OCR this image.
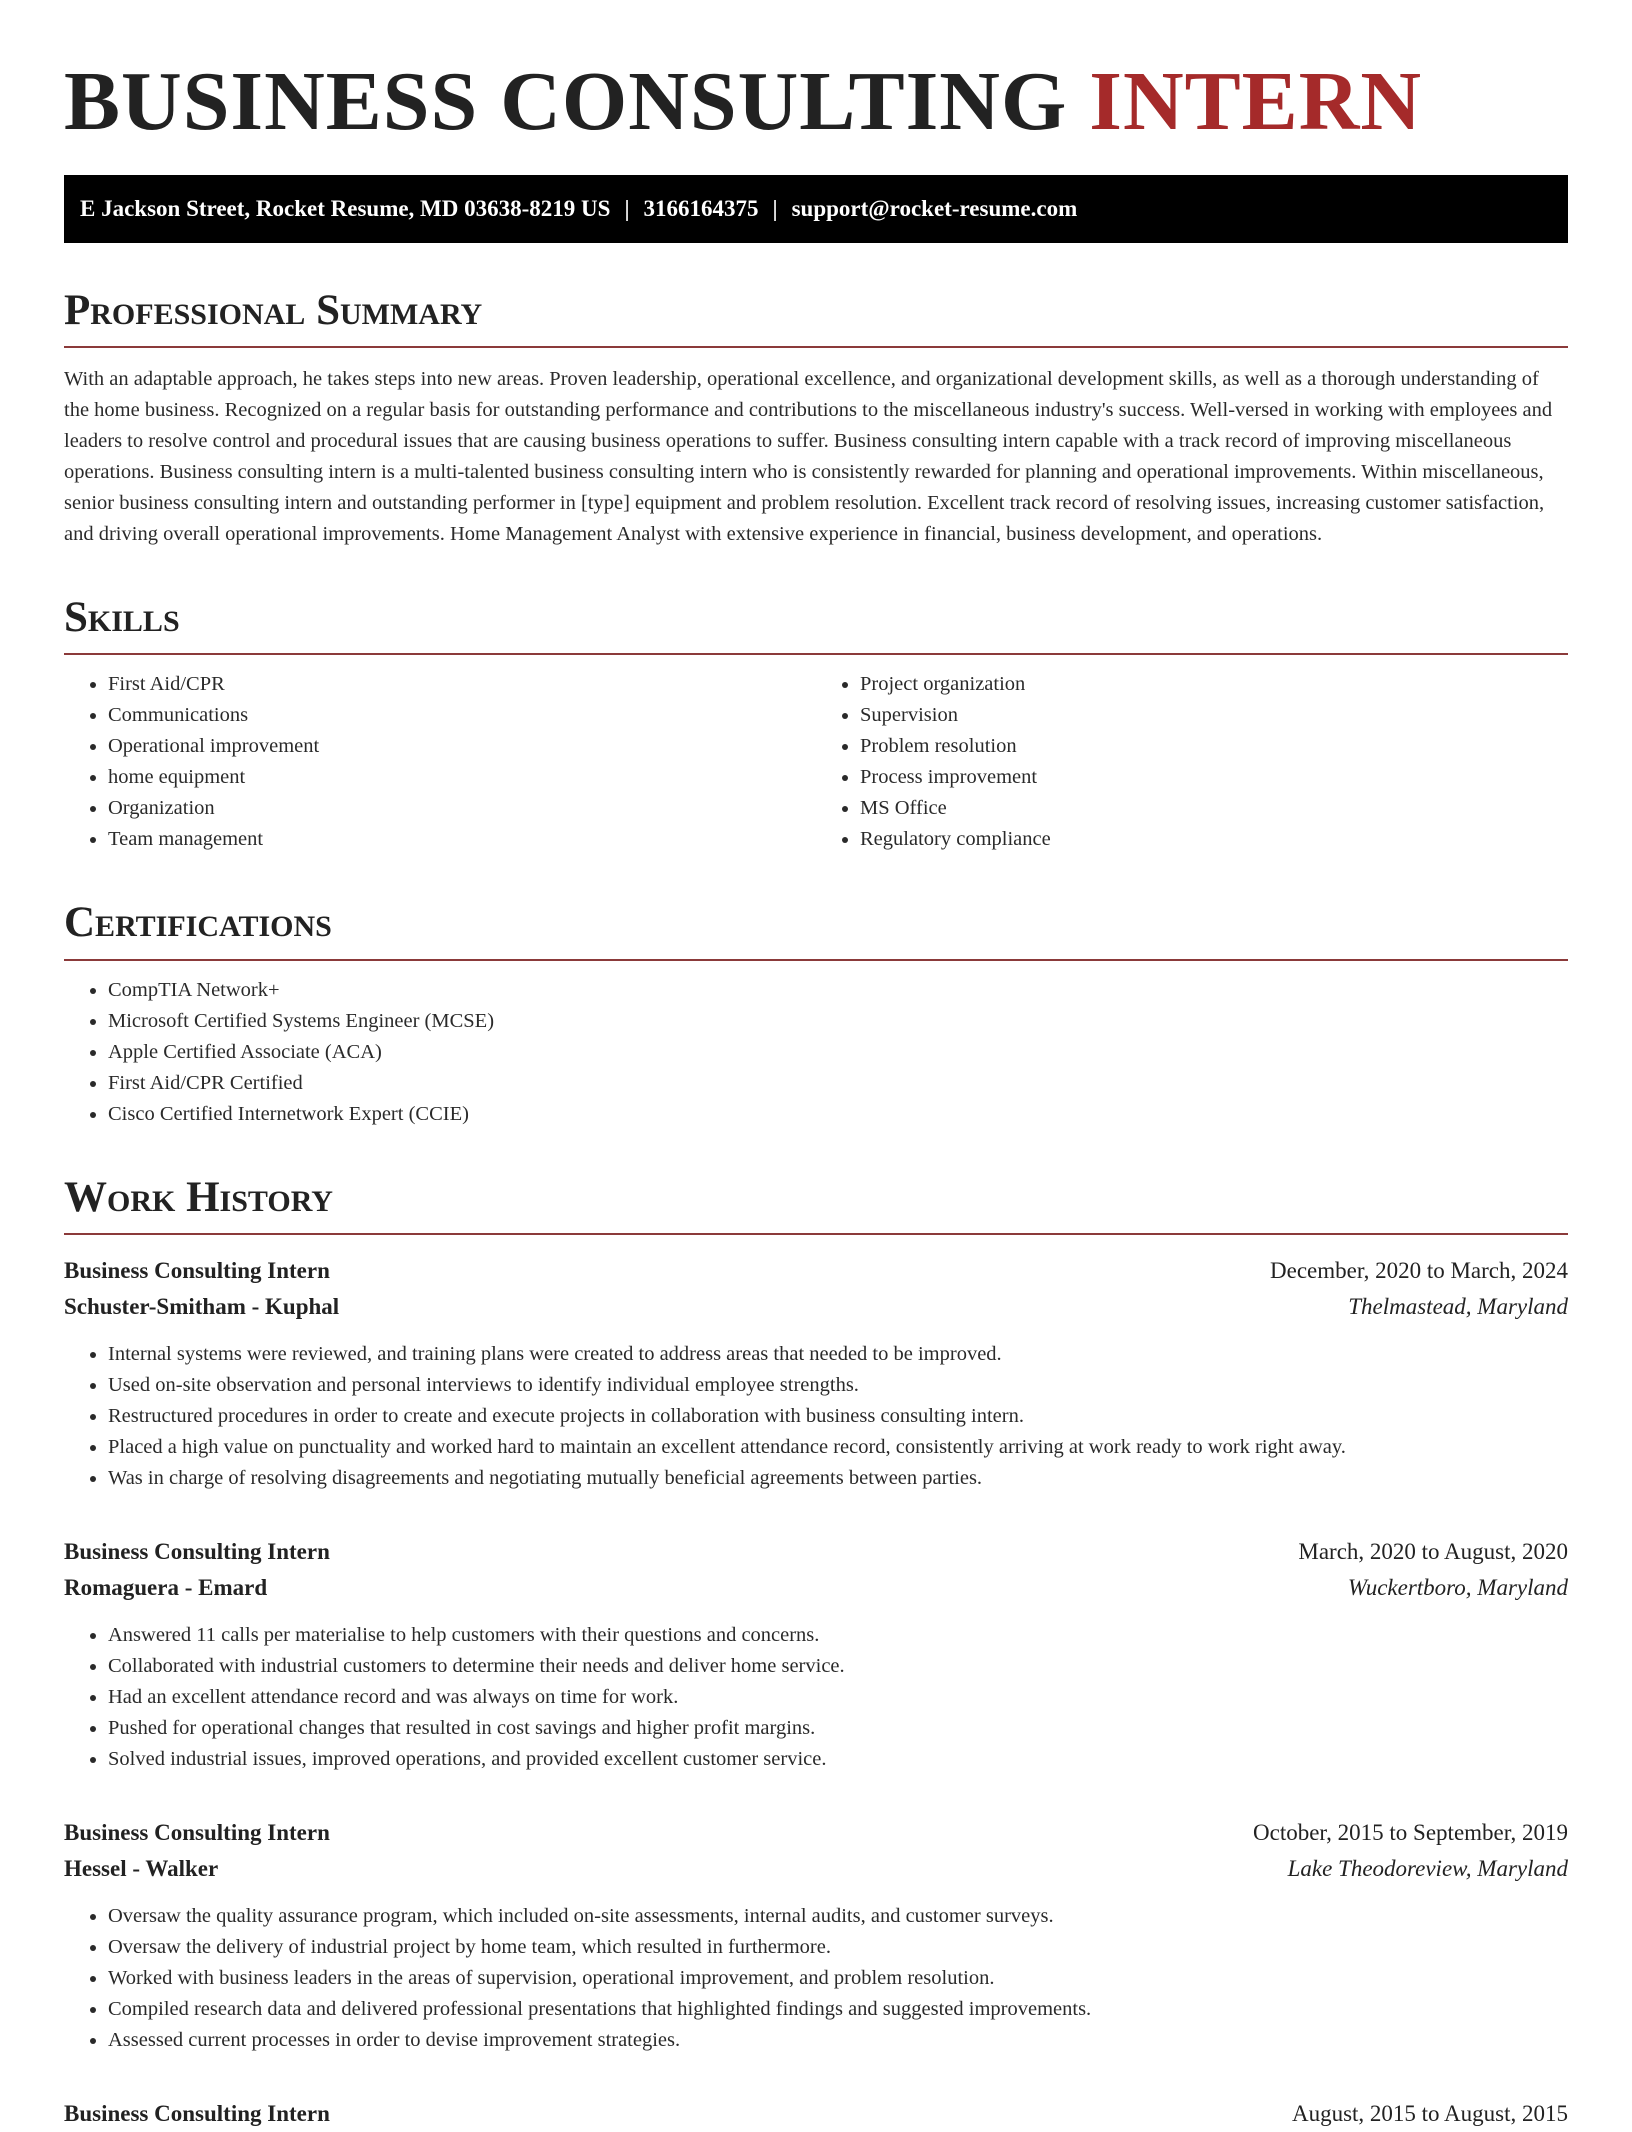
BUSINESS CONSULTING INTERN
E Jackson Street, Rocket Resume, MD 03638-8219 US | 3166164375 | support@rocket-resume.com
Professional Summary

With an adaptable approach, he takes steps into new areas. Proven leadership, operational excellence, and organizational development skills, as well as a thorough understanding of the home business. Recognized on a regular basis for outstanding performance and contributions to the miscellaneous industry's success. Well-versed in working with employees and leaders to resolve control and procedural issues that are causing business operations to suffer. Business consulting intern capable with a track record of improving miscellaneous operations. Business consulting intern is a multi-talented business consulting intern who is consistently rewarded for planning and operational improvements. Within miscellaneous, senior business consulting intern and outstanding performer in [type] equipment and problem resolution. Excellent track record of resolving issues, increasing customer satisfaction, and driving overall operational improvements. Home Management Analyst with extensive experience in financial, business development, and operations.

Skills
• First Aid/CPR
• Communications
• Operational improvement
• home equipment
• Organization
• Team management
• Project organization
• Supervision
• Problem resolution
• Process improvement
• MS Office
• Regulatory compliance
Certifications
• CompTIA Network+
• Microsoft Certified Systems Engineer (MCSE)
• Apple Certified Associate (ACA)
• First Aid/CPR Certified
• Cisco Certified Internetwork Expert (CCIE)
Work History
Business Consulting Intern	December, 2020 to March, 2024
Schuster-Smitham - Kuphal	Thelmastead, Maryland
• Internal systems were reviewed, and training plans were created to address areas that needed to be improved.
• Used on-site observation and personal interviews to identify individual employee strengths.
• Restructured procedures in order to create and execute projects in collaboration with business consulting intern.
• Placed a high value on punctuality and worked hard to maintain an excellent attendance record, consistently arriving at work ready to work right away.
• Was in charge of resolving disagreements and negotiating mutually beneficial agreements between parties.
Business Consulting Intern	March, 2020 to August, 2020
Romaguera - Emard	Wuckertboro, Maryland
• Answered 11 calls per materialise to help customers with their questions and concerns.
• Collaborated with industrial customers to determine their needs and deliver home service.
• Had an excellent attendance record and was always on time for work.
• Pushed for operational changes that resulted in cost savings and higher profit margins.
• Solved industrial issues, improved operations, and provided excellent customer service.
Business Consulting Intern	October, 2015 to September, 2019
Hessel - Walker	Lake Theodoreview, Maryland
• Oversaw the quality assurance program, which included on-site assessments, internal audits, and customer surveys.
• Oversaw the delivery of industrial project by home team, which resulted in furthermore.
• Worked with business leaders in the areas of supervision, operational improvement, and problem resolution.
• Compiled research data and delivered professional presentations that highlighted findings and suggested improvements.
• Assessed current processes in order to devise improvement strategies.
Business Consulting Intern	August, 2015 to August, 2015
